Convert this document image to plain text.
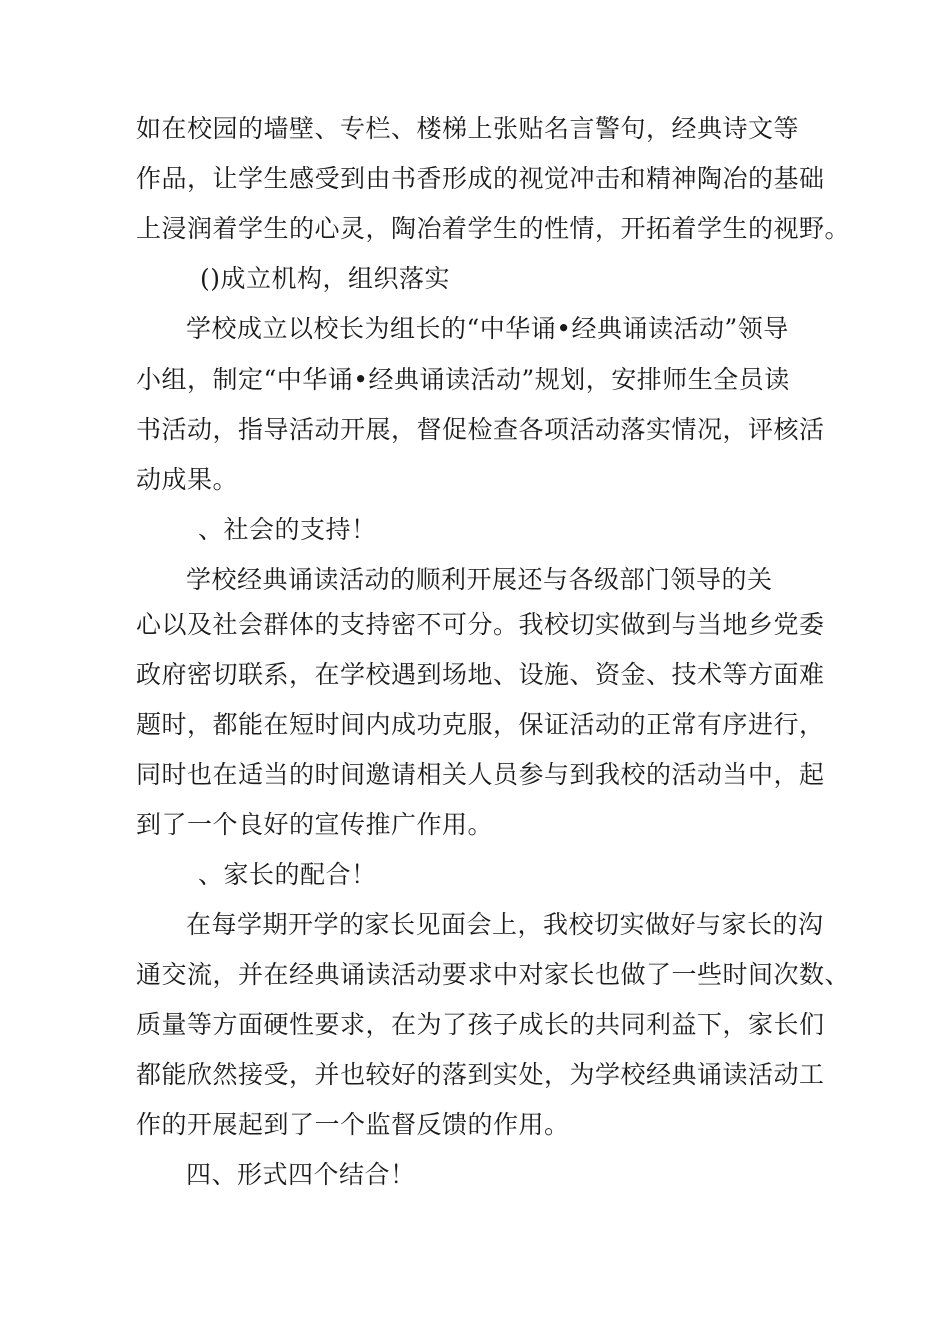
如在校园的墙壁、专栏、楼梯上张贴名言警句，经典诗文等
作品，让学生感受到由书香形成的视觉冲击和精神陶冶的基础
上浸润着学生的心灵，陶冶着学生的性情，开拓着学生的视野。
()成立机构，组织落实
学校成立以校长为组长的“中华诵•经典诵读活动”领导
小组，制定“中华诵•经典诵读活动”规划，安排师生全员读
书活动，指导活动开展，督促检查各项活动落实情况，评核活
动成果。
、社会的支持！
学校经典诵读活动的顺利开展还与各级部门领导的关
心以及社会群体的支持密不可分。我校切实做到与当地乡党委
政府密切联系，在学校遇到场地、设施、资金、技术等方面难
题时，都能在短时间内成功克服，保证活动的正常有序进行，
同时也在适当的时间邀请相关人员参与到我校的活动当中，起
到了一个良好的宣传推广作用。
、家长的配合！
在每学期开学的家长见面会上，我校切实做好与家长的沟
通交流，并在经典诵读活动要求中对家长也做了一些时间次数、
质量等方面硬性要求，在为了孩子成长的共同利益下，家长们
都能欣然接受，并也较好的落到实处，为学校经典诵读活动工
作的开展起到了一个监督反馈的作用。
四、形式四个结合！
